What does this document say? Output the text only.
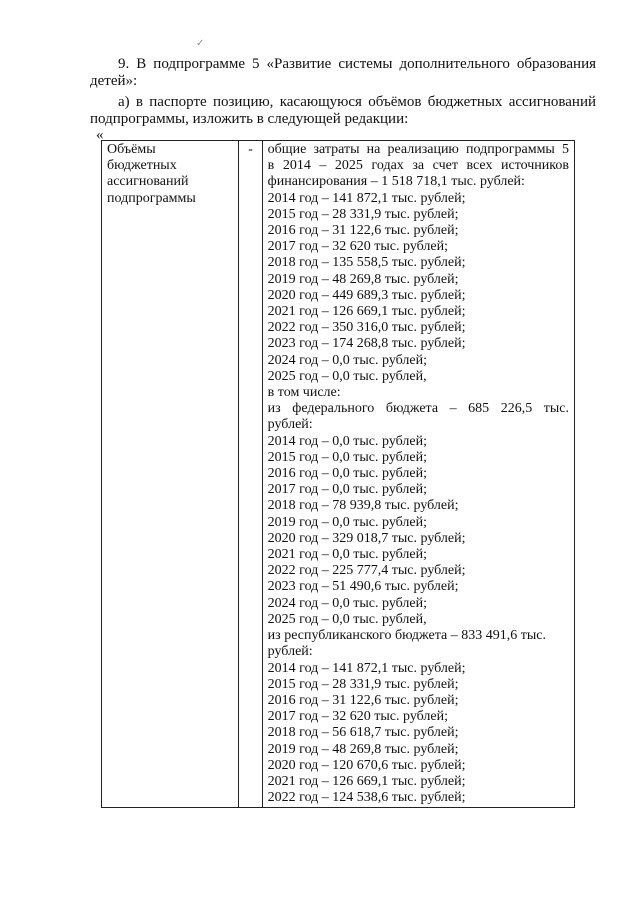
✓
9. В подпрограмме 5 «Развитие системы дополнительного образования детей»:
а) в паспорте позицию, касающуюся объёмов бюджетных ассигнований подпрограммы, изложить в следующей редакции:
«
Объёмы
бюджетных
ассигнований
подпрограммы
	-	общие затраты на реализацию подпрограммы 5
в 2014 – 2025 годах за счет всех источников
финансирования – 1 518 718,1 тыс. рублей:
2014 год – 141 872,1 тыс. рублей;
2015 год – 28 331,9 тыс. рублей;
2016 год – 31 122,6 тыс. рублей;
2017 год – 32 620 тыс. рублей;
2018 год – 135 558,5 тыс. рублей;
2019 год – 48 269,8 тыс. рублей;
2020 год – 449 689,3 тыс. рублей;
2021 год – 126 669,1 тыс. рублей;
2022 год – 350 316,0 тыс. рублей;
2023 год – 174 268,8 тыс. рублей;
2024 год – 0,0 тыс. рублей;
2025 год – 0,0 тыс. рублей,
в том числе:
из федерального бюджета – 685 226,5 тыс.
рублей:
2014 год – 0,0 тыс. рублей;
2015 год – 0,0 тыс. рублей;
2016 год – 0,0 тыс. рублей;
2017 год – 0,0 тыс. рублей;
2018 год – 78 939,8 тыс. рублей;
2019 год – 0,0 тыс. рублей;
2020 год – 329 018,7 тыс. рублей;
2021 год – 0,0 тыс. рублей;
2022 год – 225 777,4 тыс. рублей;
2023 год – 51 490,6 тыс. рублей;
2024 год – 0,0 тыс. рублей;
2025 год – 0,0 тыс. рублей,
из республиканского бюджета – 833 491,6 тыс.
рублей:
2014 год – 141 872,1 тыс. рублей;
2015 год – 28 331,9 тыс. рублей;
2016 год – 31 122,6 тыс. рублей;
2017 год – 32 620 тыс. рублей;
2018 год – 56 618,7 тыс. рублей;
2019 год – 48 269,8 тыс. рублей;
2020 год – 120 670,6 тыс. рублей;
2021 год – 126 669,1 тыс. рублей;
2022 год – 124 538,6 тыс. рублей;
